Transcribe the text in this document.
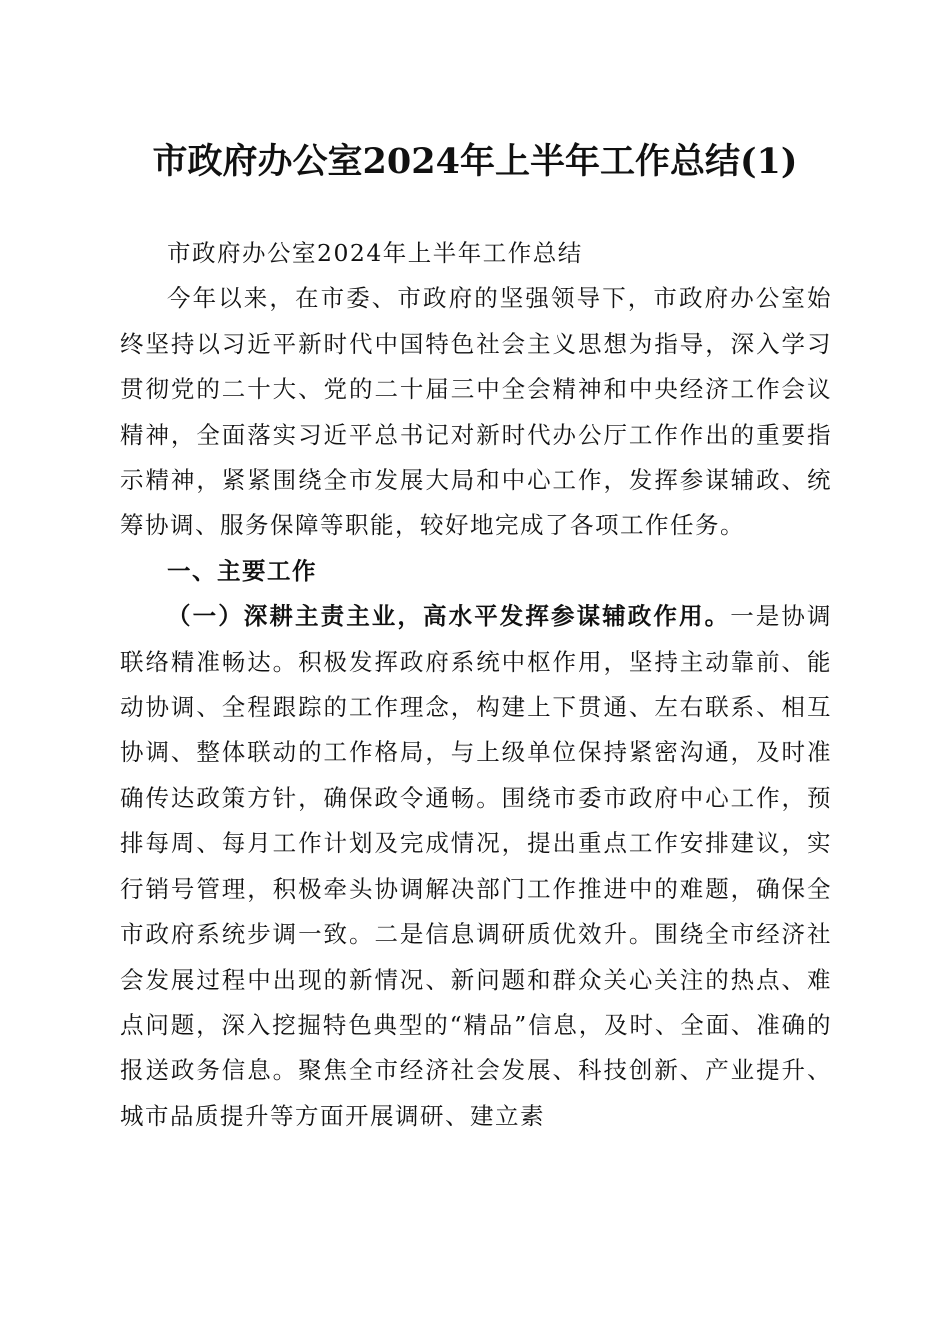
市政府办公室2024年上半年工作总结(1)

市政府办公室2024年上半年工作总结

今年以来，在市委、市政府的坚强领导下，市政府办公室始终坚持以习近平新时代中国特色社会主义思想为指导，深入学习贯彻党的二十大、党的二十届三中全会精神和中央经济工作会议精神，全面落实习近平总书记对新时代办公厅工作作出的重要指示精神，紧紧围绕全市发展大局和中心工作，发挥参谋辅政、统筹协调、服务保障等职能，较好地完成了各项工作任务。

一、主要工作

（一）深耕主责主业，高水平发挥参谋辅政作用。一是协调联络精准畅达。积极发挥政府系统中枢作用，坚持主动靠前、能动协调、全程跟踪的工作理念，构建上下贯通、左右联系、相互协调、整体联动的工作格局，与上级单位保持紧密沟通，及时准确传达政策方针，确保政令通畅。围绕市委市政府中心工作，预排每周、每月工作计划及完成情况，提出重点工作安排建议，实行销号管理，积极牵头协调解决部门工作推进中的难题，确保全市政府系统步调一致。二是信息调研质优效升。围绕全市经济社会发展过程中出现的新情况、新问题和群众关心关注的热点、难点问题，深入挖掘特色典型的“精品”信息，及时、全面、准确的报送政务信息。聚焦全市经济社会发展、科技创新、产业提升、城市品质提升等方面开展调研、建立素
